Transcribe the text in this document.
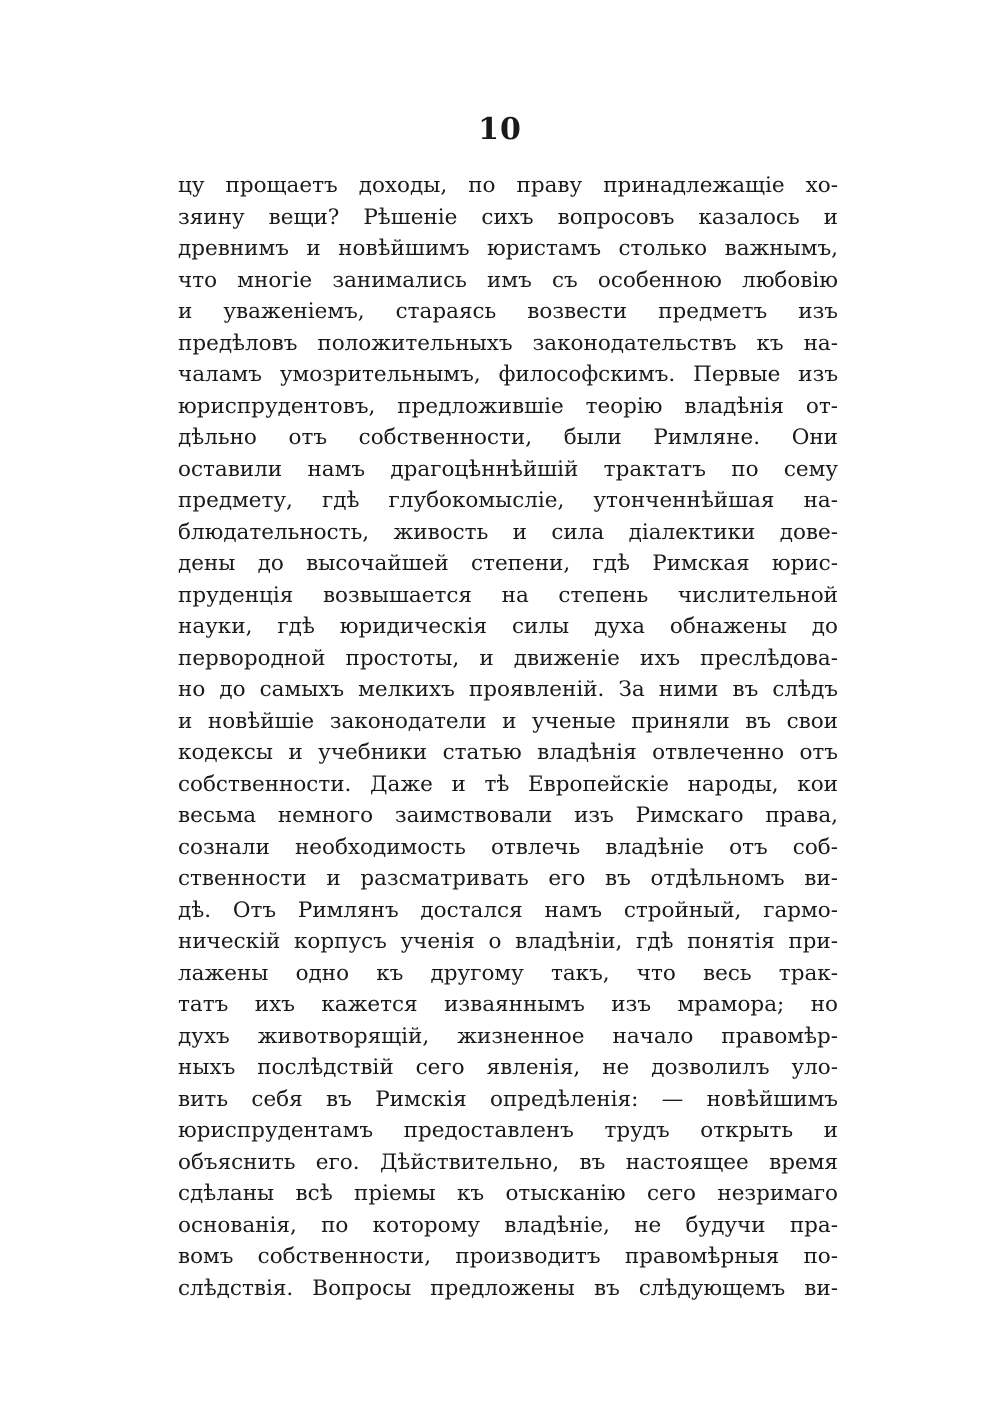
10
цу прощаетъ доходы, по праву принадлежащіе хо-
зяину вещи? Рѣшеніе сихъ вопросовъ казалось и
древнимъ и новѣйшимъ юристамъ столько важнымъ,
что многіе занимались имъ съ особенною любовію
и уваженіемъ, стараясь возвести предметъ изъ
предѣловъ положительныхъ законодательствъ къ на-
чаламъ умозрительнымъ, философскимъ. Первые изъ
юриспрудентовъ, предложившіе теорію владѣнія от-
дѣльно отъ собственности, были Римляне. Они
оставили намъ драгоцѣннѣйшій трактатъ по сему
предмету, гдѣ глубокомысліе, утонченнѣйшая на-
блюдательность, живость и сила діалектики дове-
дены до высочайшей степени, гдѣ Римская юрис-
пруденція возвышается на степень числительной
науки, гдѣ юридическія силы духа обнажены до
первородной простоты, и движеніе ихъ преслѣдова-
но до самыхъ мелкихъ проявленій. За ними въ слѣдъ
и новѣйшіе законодатели и ученые приняли въ свои
кодексы и учебники статью владѣнія отвлеченно отъ
собственности. Даже и тѣ Европейскіе народы, кои
весьма немного заимствовали изъ Римскаго права,
сознали необходимость отвлечь владѣніе отъ соб-
ственности и разсматривать его въ отдѣльномъ ви-
дѣ. Отъ Римлянъ достался намъ стройный, гармо-
ническій корпусъ ученія о владѣніи, гдѣ понятія при-
лажены одно къ другому такъ, что весь трак-
татъ ихъ кажется изваяннымъ изъ мрамора; но
духъ животворящій, жизненное начало правомѣр-
ныхъ послѣдствій сего явленія, не дозволилъ уло-
вить себя въ Римскія опредѣленія: — новѣйшимъ
юриспрудентамъ предоставленъ трудъ открыть и
объяснить его. Дѣйствительно, въ настоящее время
сдѣланы всѣ пріемы къ отысканію сего незримаго
основанія, по которому владѣніе, не будучи пра-
вомъ собственности, производитъ правомѣрныя по-
слѣдствія. Вопросы предложены въ слѣдующемъ ви-
